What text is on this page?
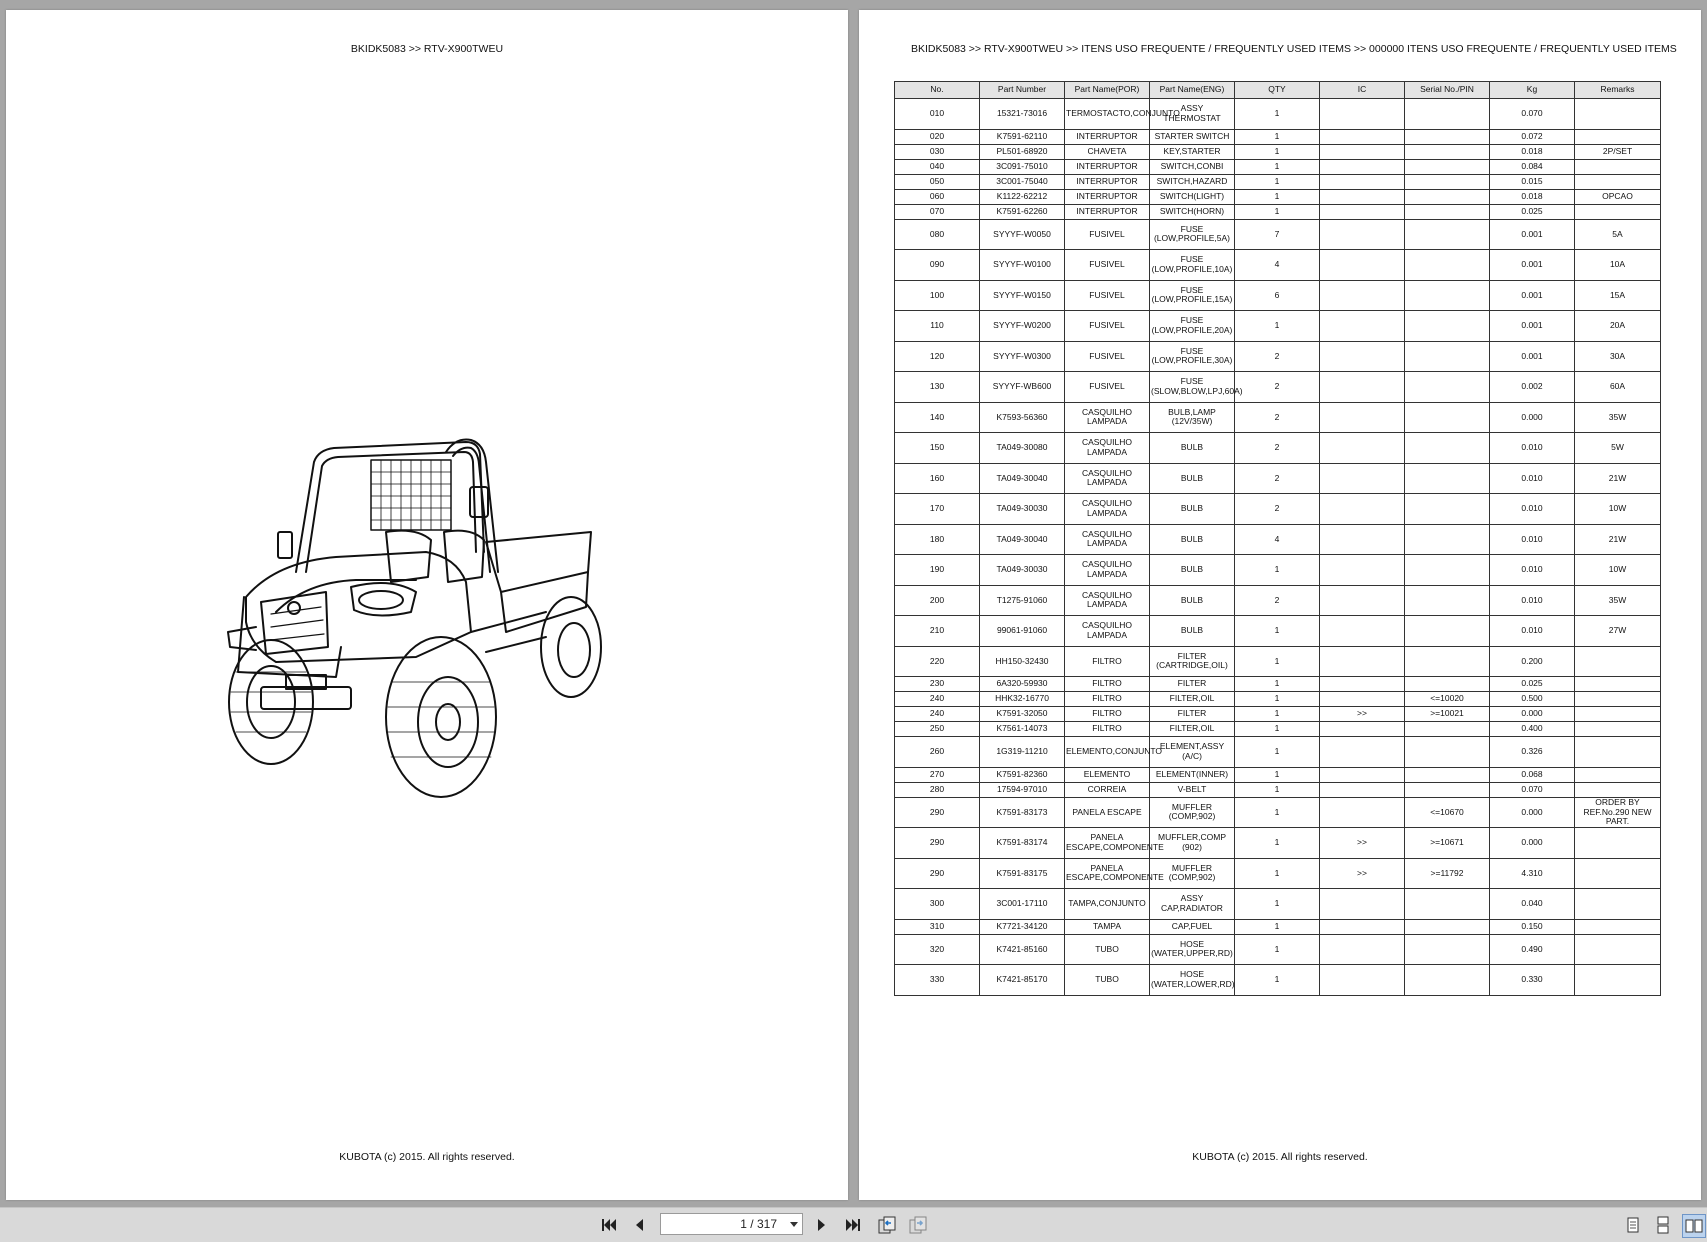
BKIDK5083 >> RTV-X900TWEU
KUBOTA (c) 2015. All rights reserved.
BKIDK5083 >> RTV-X900TWEU >> ITENS USO FREQUENTE / FREQUENTLY USED ITEMS >> 000000 ITENS USO FREQUENTE / FREQUENTLY USED ITEMS
No.	Part Number	Part Name(POR)	Part Name(ENG)	QTY	IC	Serial No./PIN	Kg	Remarks
010	15321-73016	TERMOSTACTO,CONJUNTO	ASSY THERMOSTAT	1			0.070	
020	K7591-62110	INTERRUPTOR	STARTER SWITCH	1			0.072	
030	PL501-68920	CHAVETA	KEY,STARTER	1			0.018	2P/SET
040	3C091-75010	INTERRUPTOR	SWITCH,CONBI	1			0.084	
050	3C001-75040	INTERRUPTOR	SWITCH,HAZARD	1			0.015	
060	K1122-62212	INTERRUPTOR	SWITCH(LIGHT)	1			0.018	OPCAO
070	K7591-62260	INTERRUPTOR	SWITCH(HORN)	1			0.025	
080	SYYYF-W0050	FUSIVEL	FUSE (LOW,PROFILE,5A)	7			0.001	5A
090	SYYYF-W0100	FUSIVEL	FUSE (LOW,PROFILE,10A)	4			0.001	10A
100	SYYYF-W0150	FUSIVEL	FUSE (LOW,PROFILE,15A)	6			0.001	15A
110	SYYYF-W0200	FUSIVEL	FUSE (LOW,PROFILE,20A)	1			0.001	20A
120	SYYYF-W0300	FUSIVEL	FUSE (LOW,PROFILE,30A)	2			0.001	30A
130	SYYYF-WB600	FUSIVEL	FUSE (SLOW,BLOW,LPJ,60A)	2			0.002	60A
140	K7593-56360	CASQUILHO LAMPADA	BULB,LAMP (12V/35W)	2			0.000	35W
150	TA049-30080	CASQUILHO LAMPADA	BULB	2			0.010	5W
160	TA049-30040	CASQUILHO LAMPADA	BULB	2			0.010	21W
170	TA049-30030	CASQUILHO LAMPADA	BULB	2			0.010	10W
180	TA049-30040	CASQUILHO LAMPADA	BULB	4			0.010	21W
190	TA049-30030	CASQUILHO LAMPADA	BULB	1			0.010	10W
200	T1275-91060	CASQUILHO LAMPADA	BULB	2			0.010	35W
210	99061-91060	CASQUILHO LAMPADA	BULB	1			0.010	27W
220	HH150-32430	FILTRO	FILTER (CARTRIDGE,OIL)	1			0.200	
230	6A320-59930	FILTRO	FILTER	1			0.025	
240	HHK32-16770	FILTRO	FILTER,OIL	1		<=10020	0.500	
240	K7591-32050	FILTRO	FILTER	1	>>	>=10021	0.000	
250	K7561-14073	FILTRO	FILTER,OIL	1			0.400	
260	1G319-11210	ELEMENTO,CONJUNTO	ELEMENT,ASSY (A/C)	1			0.326	
270	K7591-82360	ELEMENTO	ELEMENT(INNER)	1			0.068	
280	17594-97010	CORREIA	V-BELT	1			0.070	
290	K7591-83173	PANELA ESCAPE	MUFFLER (COMP,902)	1		<=10670	0.000	ORDER BY REF.No.290 NEW PART.
290	K7591-83174	PANELA ESCAPE,COMPONENTE	MUFFLER,COMP (902)	1	>>	>=10671	0.000	
290	K7591-83175	PANELA ESCAPE,COMPONENTE	MUFFLER (COMP,902)	1	>>	>=11792	4.310	
300	3C001-17110	TAMPA,CONJUNTO	ASSY CAP,RADIATOR	1			0.040	
310	K7721-34120	TAMPA	CAP,FUEL	1			0.150	
320	K7421-85160	TUBO	HOSE (WATER,UPPER,RD)	1			0.490	
330	K7421-85170	TUBO	HOSE (WATER,LOWER,RD)	1			0.330	
KUBOTA (c) 2015. All rights reserved.
1 / 317
